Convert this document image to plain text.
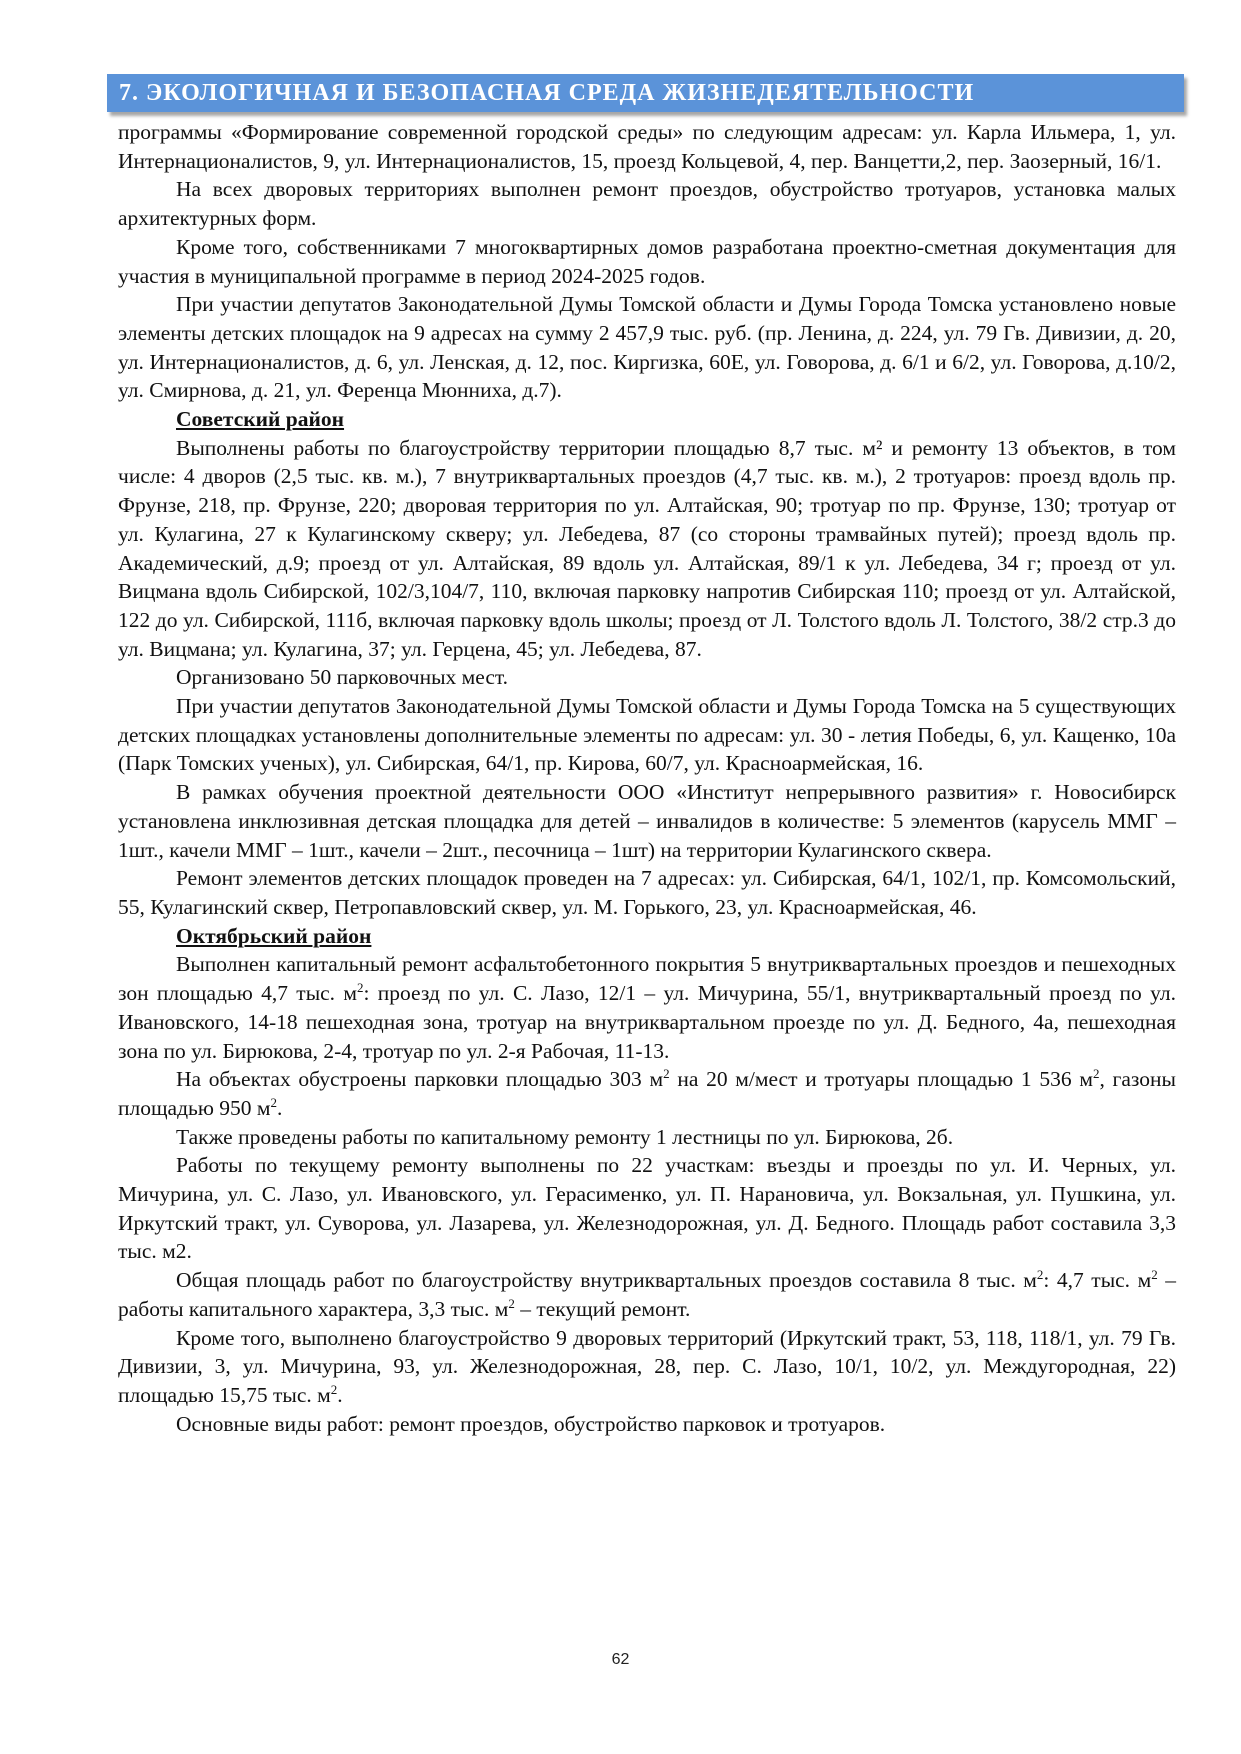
7. ЭКОЛОГИЧНАЯ И БЕЗОПАСНАЯ СРЕДА ЖИЗНЕДЕЯТЕЛЬНОСТИ

программы «Формирование современной городской среды» по следующим адресам: ул. Карла Ильмера, 1, ул. Интернационалистов, 9, ул. Интернационалистов, 15, проезд Кольцевой, 4, пер. Ванцетти,2, пер. Заозерный, 16/1.

На всех дворовых территориях выполнен ремонт проездов, обустройство тротуаров, установка малых архитектурных форм.

Кроме того, собственниками 7 многоквартирных домов разработана проектно-сметная документация для участия в муниципальной программе в период 2024-2025 годов.

При участии депутатов Законодательной Думы Томской области и Думы Города Томска установлено новые элементы детских площадок на 9 адресах на сумму 2 457,9 тыс. руб. (пр. Ленина, д. 224, ул. 79 Гв. Дивизии, д. 20, ул. Интернационалистов, д. 6, ул. Ленская, д. 12, пос. Киргизка, 60Е, ул. Говорова, д. 6/1 и 6/2, ул. Говорова, д.10/2, ул. Смирнова, д. 21, ул. Ференца Мюнниха, д.7).

Советский район

Выполнены работы по благоустройству территории площадью 8,7 тыс. м² и ремонту 13 объектов, в том числе: 4 дворов (2,5 тыс. кв. м.), 7 внутриквартальных проездов (4,7 тыс. кв. м.), 2 тротуаров: проезд вдоль пр. Фрунзе, 218, пр. Фрунзе, 220; дворовая территория по ул. Алтайская, 90; тротуар по пр. Фрунзе, 130; тротуар от ул. Кулагина, 27 к Кулагинскому скверу; ул. Лебедева, 87 (со стороны трамвайных путей); проезд вдоль пр. Академический, д.9; проезд от ул. Алтайская, 89 вдоль ул. Алтайская, 89/1 к ул. Лебедева, 34 г; проезд от ул. Вицмана вдоль Сибирской, 102/3,104/7, 110, включая парковку напротив Сибирская 110; проезд от ул. Алтайской, 122 до ул. Сибирской, 111б, включая парковку вдоль школы; проезд от Л. Толстого вдоль Л. Толстого, 38/2 стр.3 до ул. Вицмана; ул. Кулагина, 37; ул. Герцена, 45; ул. Лебедева, 87.

Организовано 50 парковочных мест.

При участии депутатов Законодательной Думы Томской области и Думы Города Томска на 5 существующих детских площадках установлены дополнительные элементы по адресам: ул. 30 - летия Победы, 6, ул. Кащенко, 10а (Парк Томских ученых), ул. Сибирская, 64/1, пр. Кирова, 60/7, ул. Красноармейская, 16.

В рамках обучения проектной деятельности ООО «Институт непрерывного развития» г. Новосибирск установлена инклюзивная детская площадка для детей – инвалидов в количестве: 5 элементов (карусель ММГ – 1шт., качели ММГ – 1шт., качели – 2шт., песочница – 1шт) на территории Кулагинского сквера.

Ремонт элементов детских площадок проведен на 7 адресах: ул. Сибирская, 64/1, 102/1, пр. Комсомольский, 55, Кулагинский сквер, Петропавловский сквер, ул. М. Горького, 23, ул. Красноармейская, 46.

Октябрьский район

Выполнен капитальный ремонт асфальтобетонного покрытия 5 внутриквартальных проездов и пешеходных зон площадью 4,7 тыс. $м^2$: проезд по ул. С. Лазо, 12/1 – ул. Мичурина, 55/1, внутриквартальный проезд по ул. Ивановского, 14-18 пешеходная зона, тротуар на внутриквартальном проезде по ул. Д. Бедного, 4а, пешеходная зона по ул. Бирюкова, 2-4, тротуар по ул. 2-я Рабочая, 11-13.

На объектах обустроены парковки площадью 303 $м^2$ на 20 м/мест и тротуары площадью 1 536 $м^2$, газоны площадью 950 $м^2$.

Также проведены работы по капитальному ремонту 1 лестницы по ул. Бирюкова, 2б.

Работы по текущему ремонту выполнены по 22 участкам: въезды и проезды по ул. И. Черных, ул. Мичурина, ул. С. Лазо, ул. Ивановского, ул. Герасименко, ул. П. Нарановича, ул. Вокзальная, ул. Пушкина, ул. Иркутский тракт, ул. Суворова, ул. Лазарева, ул. Железнодорожная, ул. Д. Бедного. Площадь работ составила 3,3 тыс. м2.

Общая площадь работ по благоустройству внутриквартальных проездов составила 8 тыс. $м^2$: 4,7 тыс. $м^2$ – работы капитального характера, 3,3 тыс. $м^2$ – текущий ремонт.

Кроме того, выполнено благоустройство 9 дворовых территорий (Иркутский тракт, 53, 118, 118/1, ул. 79 Гв. Дивизии, 3, ул. Мичурина, 93, ул. Железнодорожная, 28, пер. С. Лазо, 10/1, 10/2, ул. Междугородная, 22) площадью 15,75 тыс. $м^2$.

Основные виды работ: ремонт проездов, обустройство парковок и тротуаров.

62
